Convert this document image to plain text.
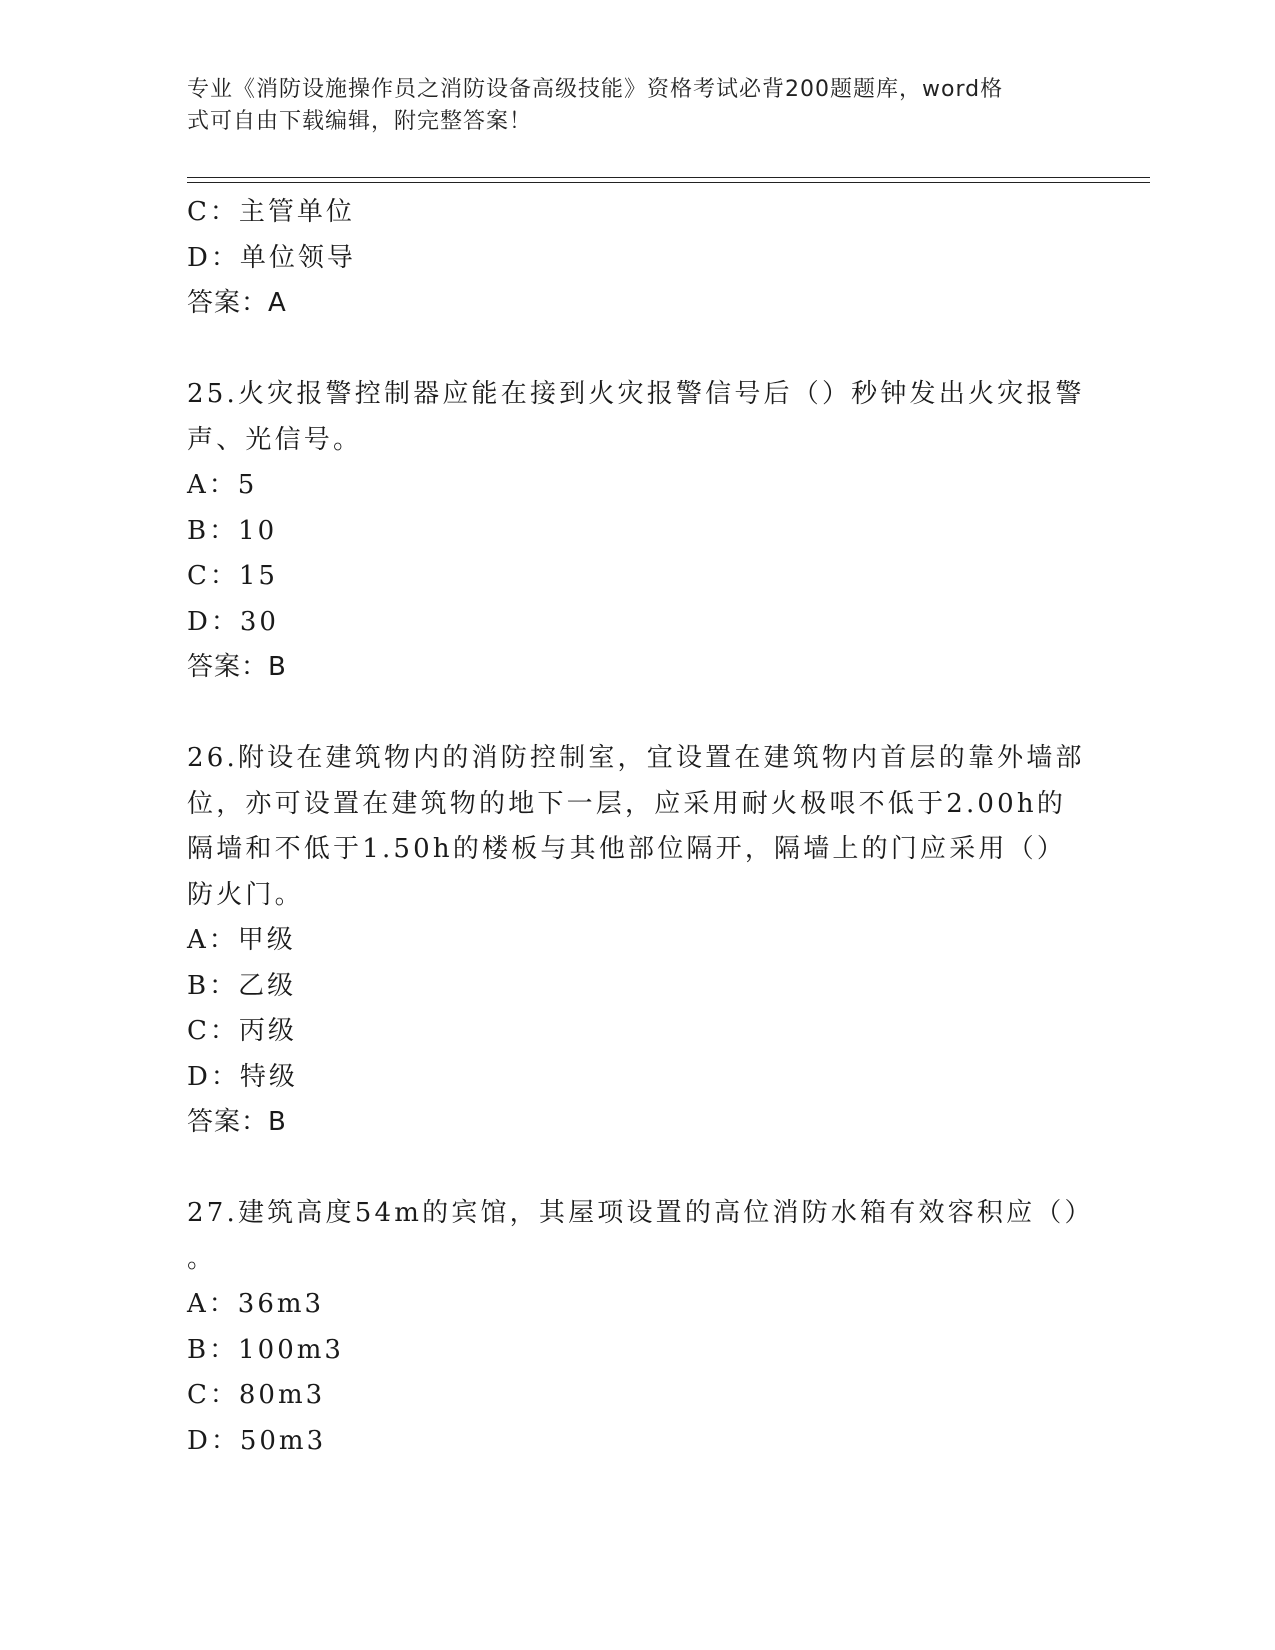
专业《消防设施操作员之消防设备高级技能》资格考试必背200题题库，word格
式可自由下载编辑，附完整答案！
C：主管单位
D：单位领导
答案：A
25.火灾报警控制器应能在接到火灾报警信号后（）秒钟发出火灾报警
声、光信号。
A：5
B：10
C：15
D：30
答案：B
26.附设在建筑物内的消防控制室，宜设置在建筑物内首层的靠外墙部
位，亦可设置在建筑物的地下一层，应采用耐火极哏不低于2.00h的
隔墙和不低于1.50h的楼板与其他部位隔开，隔墙上的门应采用（）
防火门。
A：甲级
B：乙级
C：丙级
D：特级
答案：B
27.建筑高度54m的宾馆，其屋项设置的高位消防水箱有效容积应（）
。
A：36m3
B：100m3
C：80m3
D：50m3
